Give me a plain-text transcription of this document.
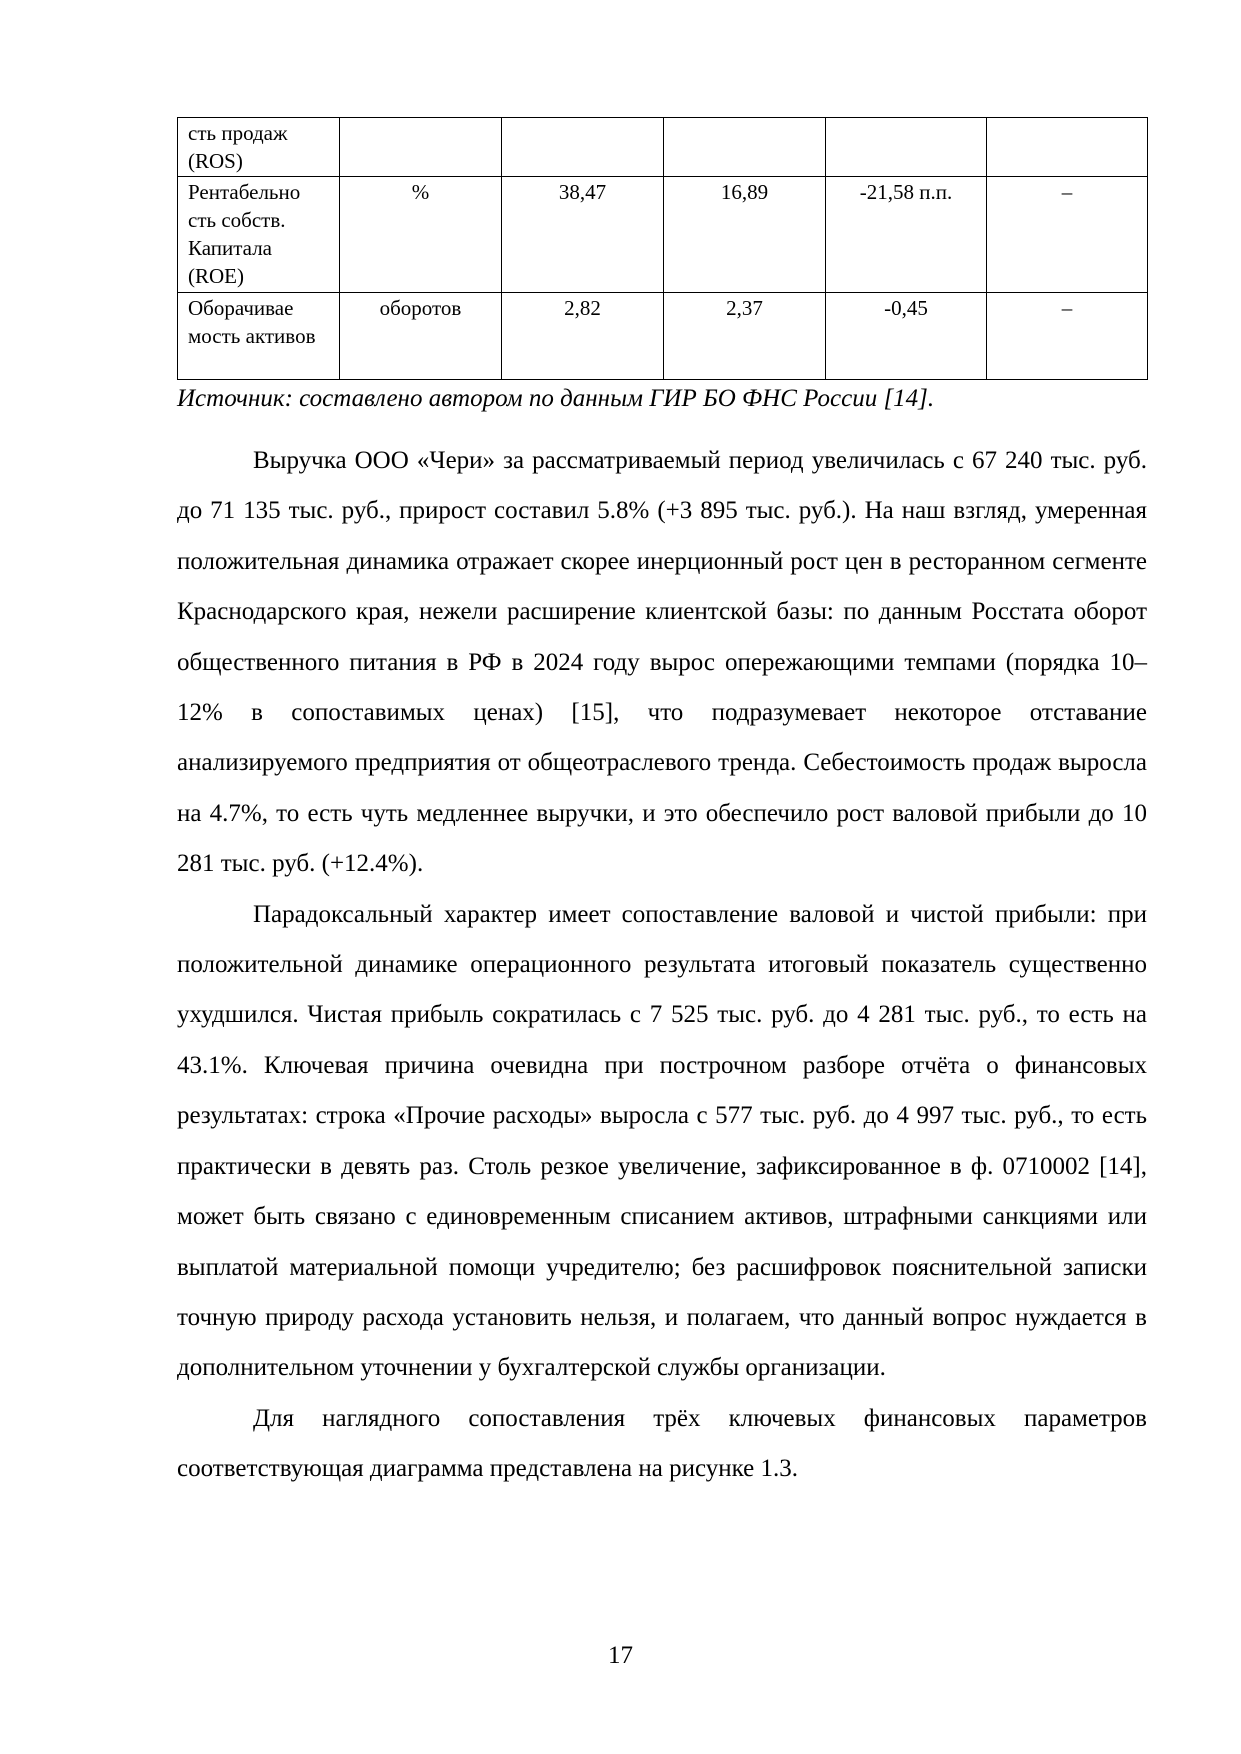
сть продаж (ROS)					
Рентабельно сть собств. Капитала (ROE)	%	38,47	16,89	-21,58 п.п.	–
Оборачивае мость активов	оборотов	2,82	2,37	-0,45	–
Источник: составлено автором по данным ГИР БО ФНС России [14].

Выручка ООО «Чери» за рассматриваемый период увеличилась с 67 240 тыс. руб. до 71 135 тыс. руб., прирост составил 5.8% (+3 895 тыс. руб.). На наш взгляд, умеренная положительная динамика отражает скорее инерционный рост цен в ресторанном сегменте Краснодарского края, нежели расширение клиентской базы: по данным Росстата оборот общественного питания в РФ в 2024 году вырос опережающими темпами (порядка 10–12% в сопоставимых ценах) [15], что подразумевает некоторое отставание анализируемого предприятия от общеотраслевого тренда. Себестоимость продаж выросла на 4.7%, то есть чуть медленнее выручки, и это обеспечило рост валовой прибыли до 10 281 тыс. руб. (+12.4%).

Парадоксальный характер имеет сопоставление валовой и чистой прибыли: при положительной динамике операционного результата итоговый показатель существенно ухудшился. Чистая прибыль сократилась с 7 525 тыс. руб. до 4 281 тыс. руб., то есть на 43.1%. Ключевая причина очевидна при построчном разборе отчёта о финансовых результатах: строка «Прочие расходы» выросла с 577 тыс. руб. до 4 997 тыс. руб., то есть практически в девять раз. Столь резкое увеличение, зафиксированное в ф. 0710002 [14], может быть связано с единовременным списанием активов, штрафными санкциями или выплатой материальной помощи учредителю; без расшифровок пояснительной записки точную природу расхода установить нельзя, и полагаем, что данный вопрос нуждается в дополнительном уточнении у бухгалтерской службы организации.

Для наглядного сопоставления трёх ключевых финансовых параметров соответствующая диаграмма представлена на рисунке 1.3.

17
